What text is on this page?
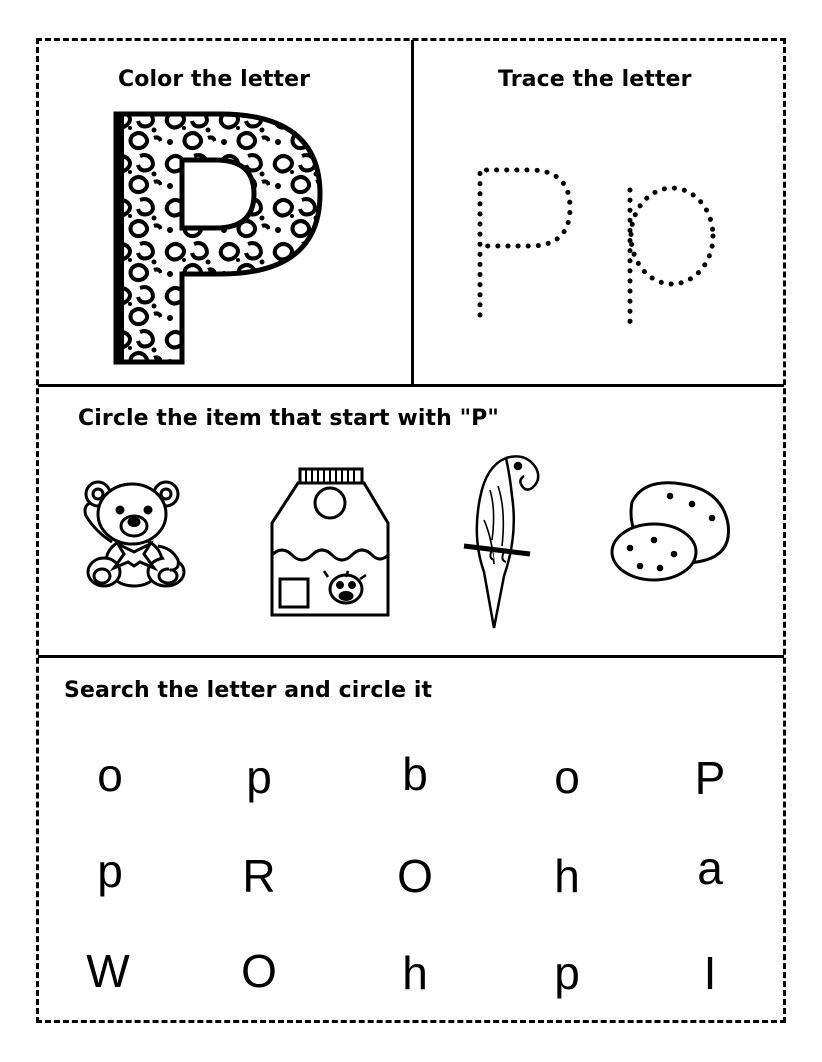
Color the letter	Trace the letter
Circle the item that start with "P"
Search the letter and circle it
o	p	b	o	P
p	R	O	h	a
W	O	h	p	I
